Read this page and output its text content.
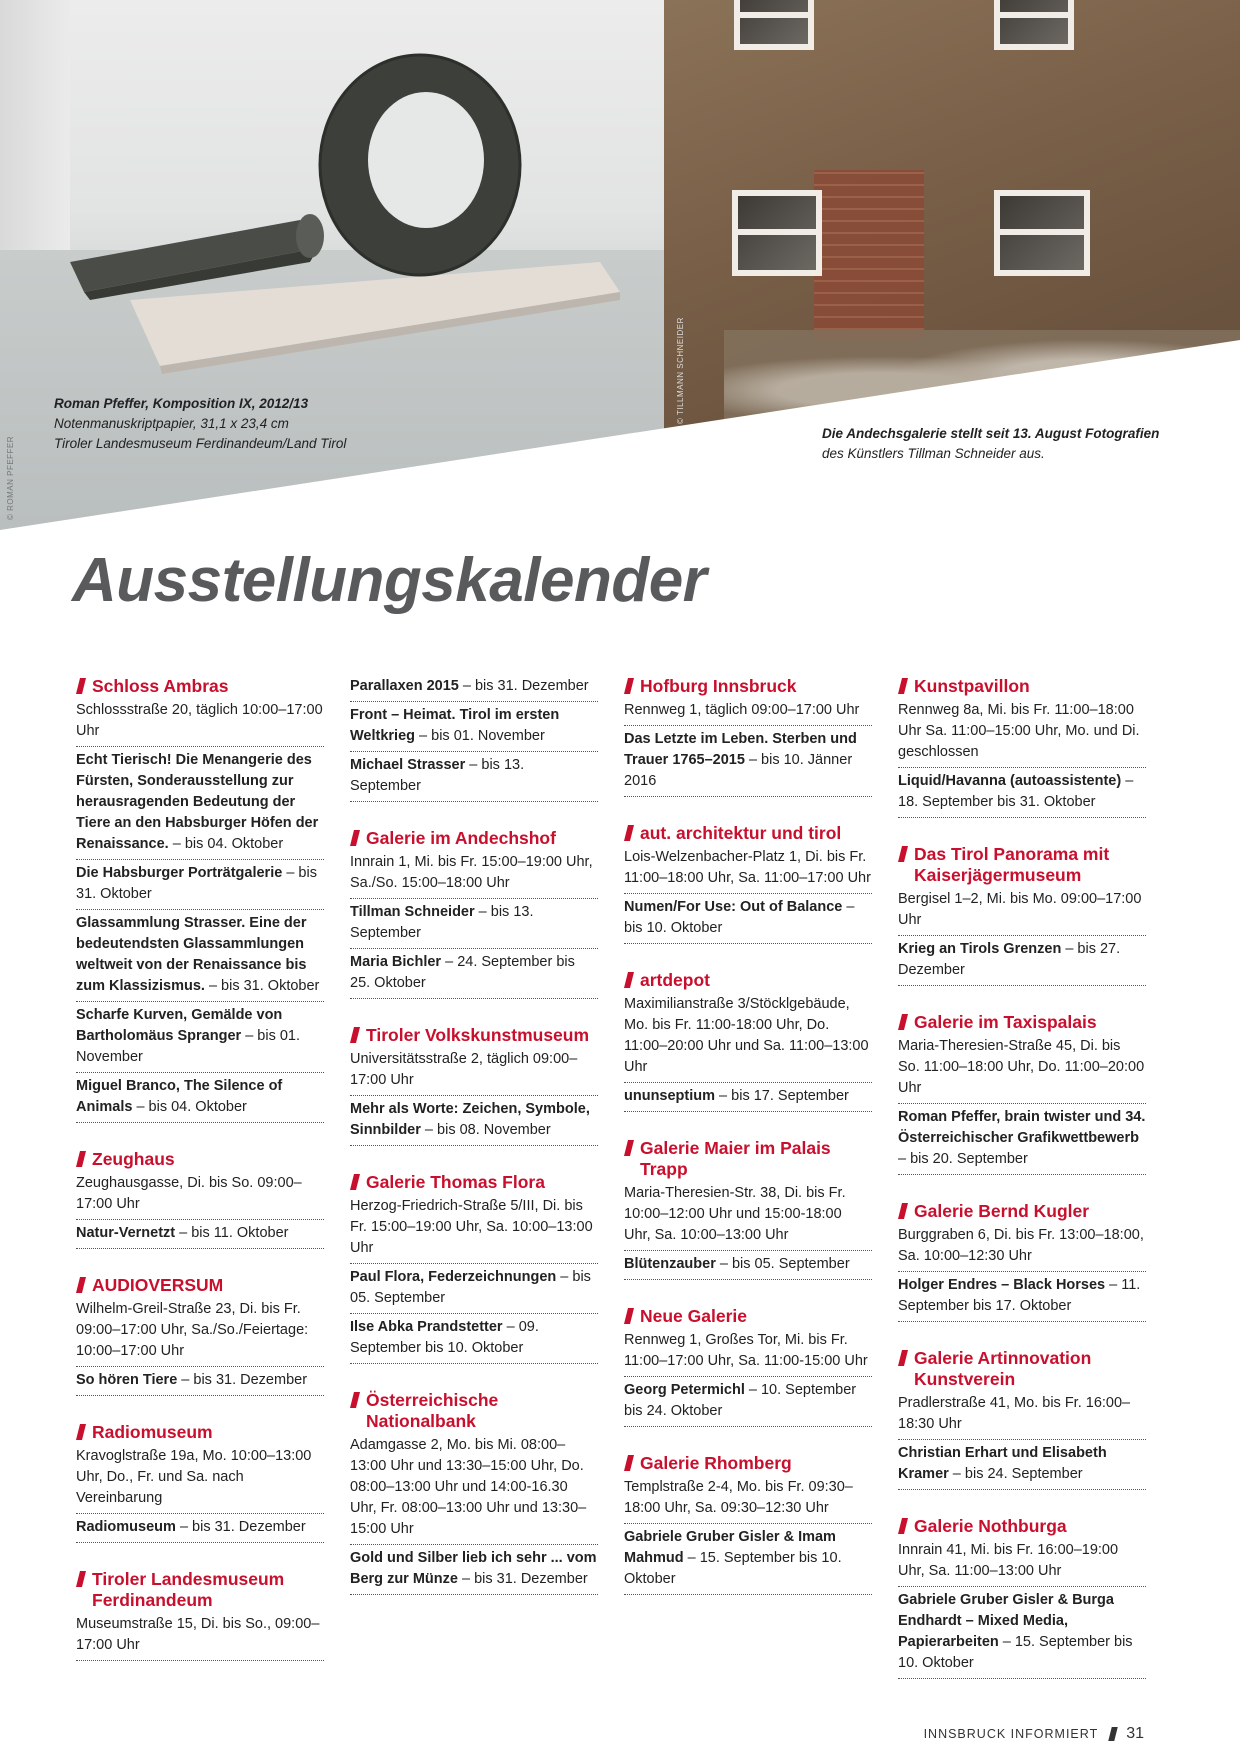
© ROMAN PFEFFER
© TILLMANN SCHNEIDER
Roman Pfeffer, Komposition IX, 2012/13
Notenmanuskriptpapier, 31,1 x 23,4 cm
Tiroler Landesmuseum Ferdinandeum/Land Tirol
Die Andechsgalerie stellt seit 13. August Fotografien
des Künstlers Tillman Schneider aus.
Ausstellungskalender
Schloss Ambras
Schlossstraße 20, täglich 10:00–17:00 Uhr
Echt Tierisch! Die Menangerie des Fürsten, Sonderausstellung zur herausragenden Bedeutung der Tiere an den Habsburger Höfen der Renaissance. – bis 04. Oktober
Die Habsburger Porträtgalerie – bis 31. Oktober
Glassammlung Strasser. Eine der bedeutendsten Glassammlungen weltweit von der Renaissance bis zum Klassizismus. – bis 31. Oktober
Scharfe Kurven, Gemälde von Bartholomäus Spranger – bis 01. November
Miguel Branco, The Silence of Animals – bis 04. Oktober
Zeughaus
Zeughausgasse, Di. bis So. 09:00–17:00 Uhr
Natur-Vernetzt – bis 11. Oktober
AUDIOVERSUM
Wilhelm-Greil-Straße 23, Di. bis Fr. 09:00–17:00 Uhr, Sa./So./Feiertage: 10:00–17:00 Uhr
So hören Tiere – bis 31. Dezember
Radiomuseum
Kravoglstraße 19a, Mo. 10:00–13:00 Uhr, Do., Fr. und Sa. nach Vereinbarung
Radiomuseum – bis 31. Dezember
Tiroler Landesmuseum Ferdinandeum
Museumstraße 15, Di. bis So., 09:00–17:00 Uhr
Parallaxen 2015 – bis 31. Dezember
Front – Heimat. Tirol im ersten Weltkrieg – bis 01. November
Michael Strasser – bis 13. September
Galerie im Andechshof
Innrain 1, Mi. bis Fr. 15:00–19:00 Uhr, Sa./So. 15:00–18:00 Uhr
Tillman Schneider – bis 13. September
Maria Bichler – 24. September bis 25. Oktober
Tiroler Volkskunstmuseum
Universitätsstraße 2, täglich 09:00–17:00 Uhr
Mehr als Worte: Zeichen, Symbole, Sinnbilder – bis 08. November
Galerie Thomas Flora
Herzog-Friedrich-Straße 5/III, Di. bis Fr. 15:00–19:00 Uhr, Sa. 10:00–13:00 Uhr
Paul Flora, Federzeichnungen – bis 05. September
Ilse Abka Prandstetter – 09. September bis 10. Oktober
Österreichische Nationalbank
Adamgasse 2, Mo. bis Mi. 08:00–13:00 Uhr und 13:30–15:00 Uhr, Do. 08:00–13:00 Uhr und 14:00-16.30 Uhr, Fr. 08:00–13:00 Uhr und 13:30–15:00 Uhr
Gold und Silber lieb ich sehr ... vom Berg zur Münze – bis 31. Dezember
Hofburg Innsbruck
Rennweg 1, täglich 09:00–17:00 Uhr
Das Letzte im Leben. Sterben und Trauer 1765–2015 – bis 10. Jänner 2016
aut. architektur und tirol
Lois-Welzenbacher-Platz 1, Di. bis Fr. 11:00–18:00 Uhr, Sa. 11:00–17:00 Uhr
Numen/For Use: Out of Balance – bis 10. Oktober
artdepot
Maximilianstraße 3/Stöcklgebäude, Mo. bis Fr. 11:00-18:00 Uhr, Do. 11:00–20:00 Uhr und Sa. 11:00–13:00 Uhr
ununseptium – bis 17. September
Galerie Maier im Palais Trapp
Maria-Theresien-Str. 38, Di. bis Fr. 10:00–12:00 Uhr und 15:00-18:00 Uhr, Sa. 10:00–13:00 Uhr
Blütenzauber – bis 05. September
Neue Galerie
Rennweg 1, Großes Tor, Mi. bis Fr. 11:00–17:00 Uhr, Sa. 11:00-15:00 Uhr
Georg Petermichl – 10. September bis 24. Oktober
Galerie Rhomberg
Templstraße 2-4, Mo. bis Fr. 09:30–18:00 Uhr, Sa. 09:30–12:30 Uhr
Gabriele Gruber Gisler & Imam Mahmud – 15. September bis 10. Oktober
Kunstpavillon
Rennweg 8a, Mi. bis Fr. 11:00–18:00 Uhr Sa. 11:00–15:00 Uhr, Mo. und Di. geschlossen
Liquid/Havanna (autoassistente) – 18. September bis 31. Oktober
Das Tirol Panorama mit Kaiserjägermuseum
Bergisel 1–2, Mi. bis Mo. 09:00–17:00 Uhr
Krieg an Tirols Grenzen – bis 27. Dezember
Galerie im Taxispalais
Maria-Theresien-Straße 45, Di. bis So. 11:00–18:00 Uhr, Do. 11:00–20:00 Uhr
Roman Pfeffer, brain twister und 34. Österreichischer Grafikwettbewerb – bis 20. September
Galerie Bernd Kugler
Burggraben 6, Di. bis Fr. 13:00–18:00, Sa. 10:00–12:30 Uhr
Holger Endres – Black Horses – 11. September bis 17. Oktober
Galerie Artinnovation Kunstverein
Pradlerstraße 41, Mo. bis Fr. 16:00–18:30 Uhr
Christian Erhart und Elisabeth Kramer – bis 24. September
Galerie Nothburga
Innrain 41, Mi. bis Fr. 16:00–19:00 Uhr, Sa. 11:00–13:00 Uhr
Gabriele Gruber Gisler & Burga Endhardt – Mixed Media, Papierarbeiten – 15. September bis 10. Oktober
INNSBRUCK INFORMIERT 31
